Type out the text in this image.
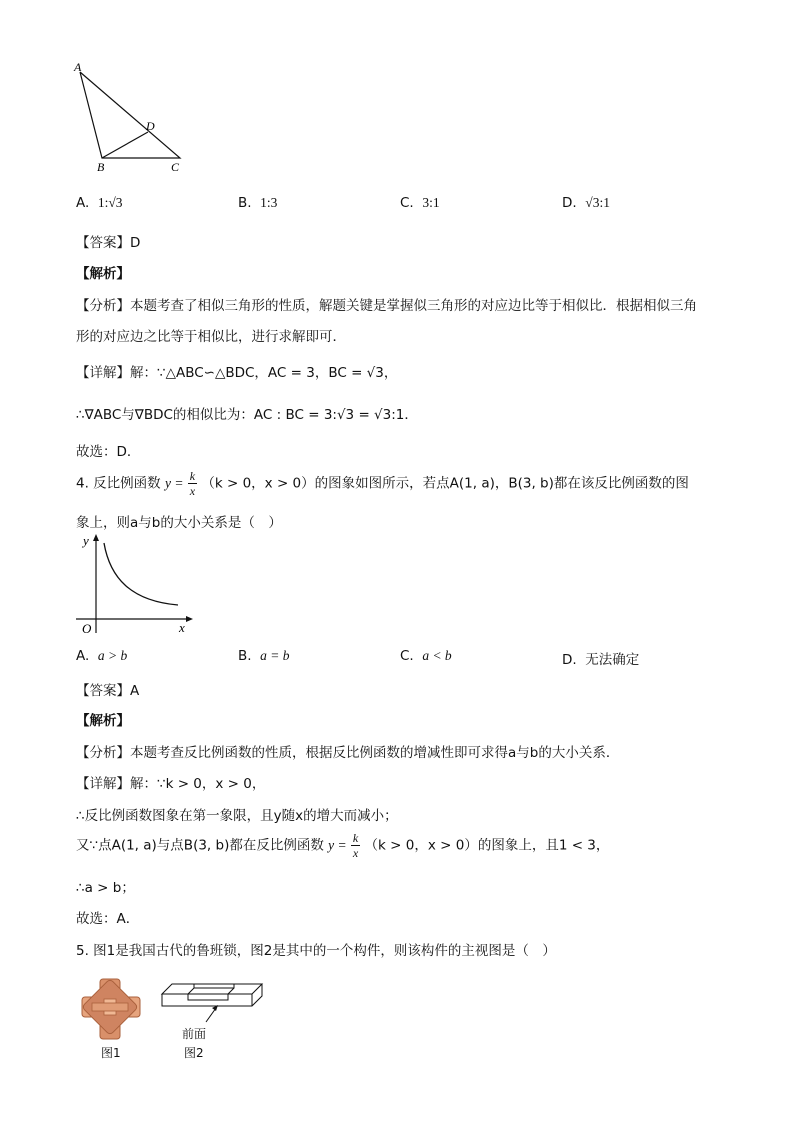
A
D
B	C
A. 1:√3	B. 1:3	C. 3:1	D. √3:1
【答案】D
【解析】
【分析】本题考查了相似三角形的性质，解题关键是掌握似三角形的对应边比等于相似比．根据相似三角
形的对应边之比等于相似比，进行求解即可．
【详解】解：∵△ABC∽△BDC，AC = 3，BC = √3，
∴∇ABC与∇BDC的相似比为：AC : BC = 3:√3 = √3:1．
故选：D．
4. 反比例函数 $y = \frac{k}{x} (k > 0$，x > 0）的图象如图所示，若点A(1, a)，B(3, b)都在该反比例函数的图
象上，则a与b的大小关系是（　）
y
O	x
A. a > b	B. a = b	C. a < b	D. 无法确定
【答案】A
【解析】
【分析】本题考查反比例函数的性质，根据反比例函数的增减性即可求得a与b的大小关系．
【详解】解：∵k > 0，x > 0，
∴反比例函数图象在第一象限，且y随x的增大而减小；
又∵点A(1, a)与点B(3, b)都在反比例函数 $y = \frac{k}{x} (k > 0$，x > 0）的图象上，且1 < 3，
∴a > b；
故选：A．
5. 图1是我国古代的鲁班锁，图2是其中的一个构件，则该构件的主视图是（　）
图1
前面
图2
